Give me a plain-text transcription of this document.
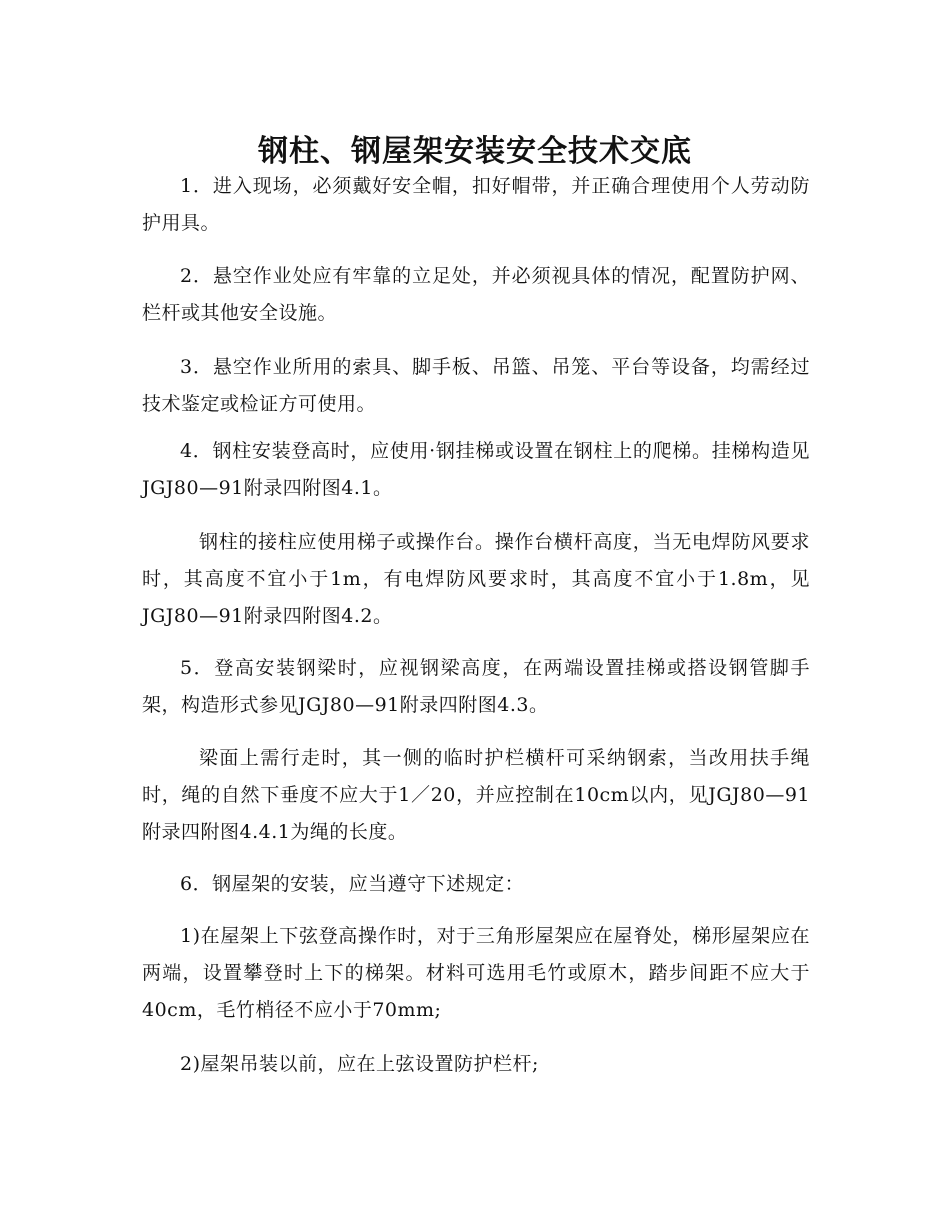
钢柱、钢屋架安装安全技术交底

1．进入现场，必须戴好安全帽，扣好帽带，并正确合理使用个人劳动防护用具。

2．悬空作业处应有牢靠的立足处，并必须视具体的情况，配置防护网、栏杆或其他安全设施。

3．悬空作业所用的索具、脚手板、吊篮、吊笼、平台等设备，均需经过技术鉴定或检证方可使用。

4．钢柱安装登高时，应使用·钢挂梯或设置在钢柱上的爬梯。挂梯构造见JGJ80—91附录四附图4.1。

钢柱的接柱应使用梯子或操作台。操作台横杆高度，当无电焊防风要求时，其高度不宜小于1m，有电焊防风要求时，其高度不宜小于1.8m，见JGJ80—91附录四附图4.2。

5．登高安装钢梁时，应视钢梁高度，在两端设置挂梯或搭设钢管脚手架，构造形式参见JGJ80—91附录四附图4.3。

梁面上需行走时，其一侧的临时护栏横杆可采纳钢索，当改用扶手绳时，绳的自然下垂度不应大于1／20，并应控制在10cm以内，见JGJ80—91附录四附图4.4.1为绳的长度。

6．钢屋架的安装，应当遵守下述规定：

1)在屋架上下弦登高操作时，对于三角形屋架应在屋脊处，梯形屋架应在两端，设置攀登时上下的梯架。材料可选用毛竹或原木，踏步间距不应大于40cm，毛竹梢径不应小于70mm;

2)屋架吊装以前，应在上弦设置防护栏杆;
